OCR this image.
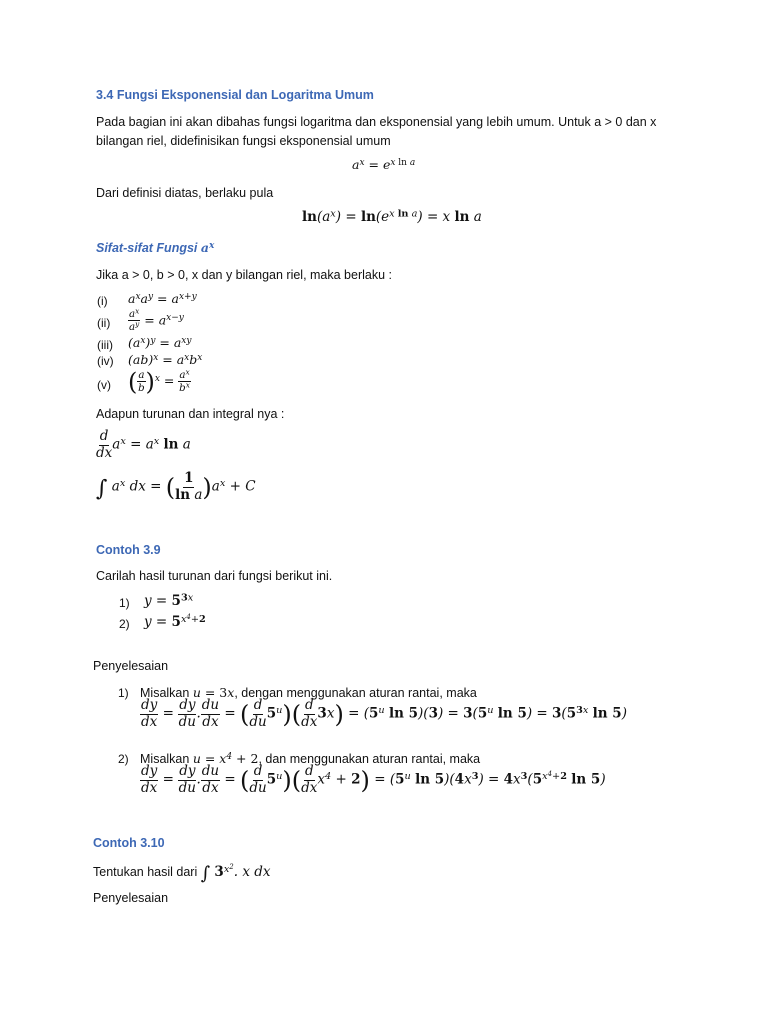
3.4 Fungsi Eksponensial dan Logaritma Umum
Pada bagian ini akan dibahas fungsi logaritma dan eksponensial yang lebih umum. Untuk a > 0 dan x bilangan riel, didefinisikan fungsi eksponensial umum
$a^x = e^{x ln a}$
Dari definisi diatas, berlaku pula
$\ln(a^x) = \ln(e^{x ln a}) = x$ ln a
Sifat-sifat Fungsi $a^x$
Jika a > 0, b > 0, x dan y bilangan riel, maka berlaku :
(i) $a^xa^y = a^{x+y}$
$(ii) \frac{a^x}{a^y} = a^{x-y}$
(iii) $(a^x)^y = a^{xy}$
(iv) $(ab)^x = a^xb^x$
(v) ( $\frac{a}{b} )^x = \frac{a^x}{b^x}$
Adapun turunan dan integral nya :
$\frac{d}{dx} a^x = a^x$ ln a
∫ $a^x$ dx = ( $\frac{1}{\text{ln a}} )a^x + C$
Contoh 3.9
Carilah hasil turunan dari fungsi berikut ini.
1) $y = 5^{3x}$
2) $y = 5^{x^4+2}$
Penyelesaian
1) Misalkan u = 3x, dengan menggunakan aturan rantai, maka
$\frac{dy}{dx} = \frac{dy}{du}$ . $\frac{du}{dx}$ = ( $\frac{d}{du} 5^u)( \frac{d}{dx} 3x) = (5^u$ $\ln 5)(3) = 3(5^u$ $\ln 5) = 3(5^{3x}$ ln 5)
2) Misalkan $u = x^4 + 2$, dan menggunakan aturan rantai, maka
$\frac{dy}{dx} = \frac{dy}{du}$ . $\frac{du}{dx}$ = ( $\frac{d}{du} 5^u)( \frac{d}{dx} x^4 + 2) = (5^u$ $\ln 5)(4x^3) = 4x^3(5^{x^4+2}$ ln 5)
Contoh 3.10
Tentukan hasil dari ∫ $3^{x^2}$. x dx
Penyelesaian
